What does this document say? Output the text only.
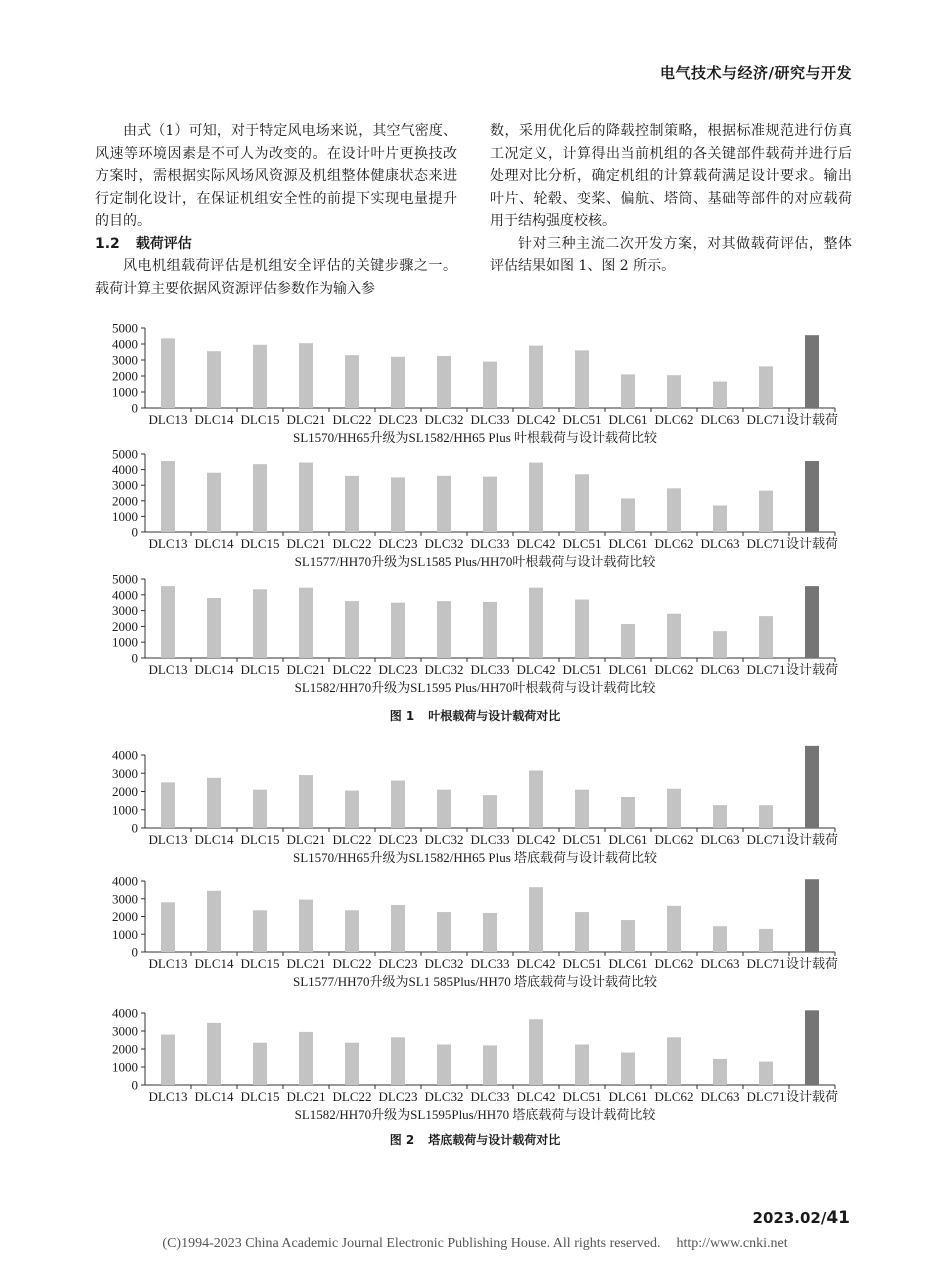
电气技术与经济/研究与开发

由式（1）可知，对于特定风电场来说，其空气密度、风速等环境因素是不可人为改变的。在设计叶片更换技改方案时，需根据实际风场风资源及机组整体健康状态来进行定制化设计，在保证机组安全性的前提下实现电量提升的目的。

1.2 载荷评估

风电机组载荷评估是机组安全评估的关键步骤之一。载荷计算主要依据风资源评估参数作为输入参

数，采用优化后的降载控制策略，根据标准规范进行仿真工况定义，计算得出当前机组的各关键部件载荷并进行后处理对比分析，确定机组的计算载荷满足设计要求。输出叶片、轮毂、变桨、偏航、塔筒、基础等部件的对应载荷用于结构强度校核。

针对三种主流二次开发方案，对其做载荷评估，整体评估结果如图 1、图 2 所示。

0
1000
2000
3000
4000
5000
DLC13 DLC14 DLC15 DLC21 DLC22 DLC23 DLC32 DLC33 DLC42 DLC51 DLC61 DLC62 DLC63 DLC71 设计载荷
SL1570/HH65升级为SL1582/HH65 Plus 叶根载荷与设计载荷比较
0
1000
2000
3000
4000
5000
DLC13 DLC14 DLC15 DLC21 DLC22 DLC23 DLC32 DLC33 DLC42 DLC51 DLC61 DLC62 DLC63 DLC71 设计载荷
SL1577/HH70升级为SL1585 Plus/HH70叶根载荷与设计载荷比较
0
1000
2000
3000
4000
5000
DLC13 DLC14 DLC15 DLC21 DLC22 DLC23 DLC32 DLC33 DLC42 DLC51 DLC61 DLC62 DLC63 DLC71 设计载荷
SL1582/HH70升级为SL1595 Plus/HH70叶根载荷与设计载荷比较
图 1 叶根载荷与设计载荷对比
0
1000
2000
3000
4000
DLC13 DLC14 DLC15 DLC21 DLC22 DLC23 DLC32 DLC33 DLC42 DLC51 DLC61 DLC62 DLC63 DLC71 设计载荷
SL1570/HH65升级为SL1582/HH65 Plus 塔底载荷与设计载荷比较
0
1000
2000
3000
4000
DLC13 DLC14 DLC15 DLC21 DLC22 DLC23 DLC32 DLC33 DLC42 DLC51 DLC61 DLC62 DLC63 DLC71 设计载荷
SL1577/HH70升级为SL1 585Plus/HH70 塔底载荷与设计载荷比较
0
1000
2000
3000
4000
DLC13 DLC14 DLC15 DLC21 DLC22 DLC23 DLC32 DLC33 DLC42 DLC51 DLC61 DLC62 DLC63 DLC71 设计载荷
SL1582/HH70升级为SL1595Plus/HH70 塔底载荷与设计载荷比较
图 2 塔底载荷与设计载荷对比
2023.02/41
(C)1994-2023 China Academic Journal Electronic Publishing House. All rights reserved. http://www.cnki.net
